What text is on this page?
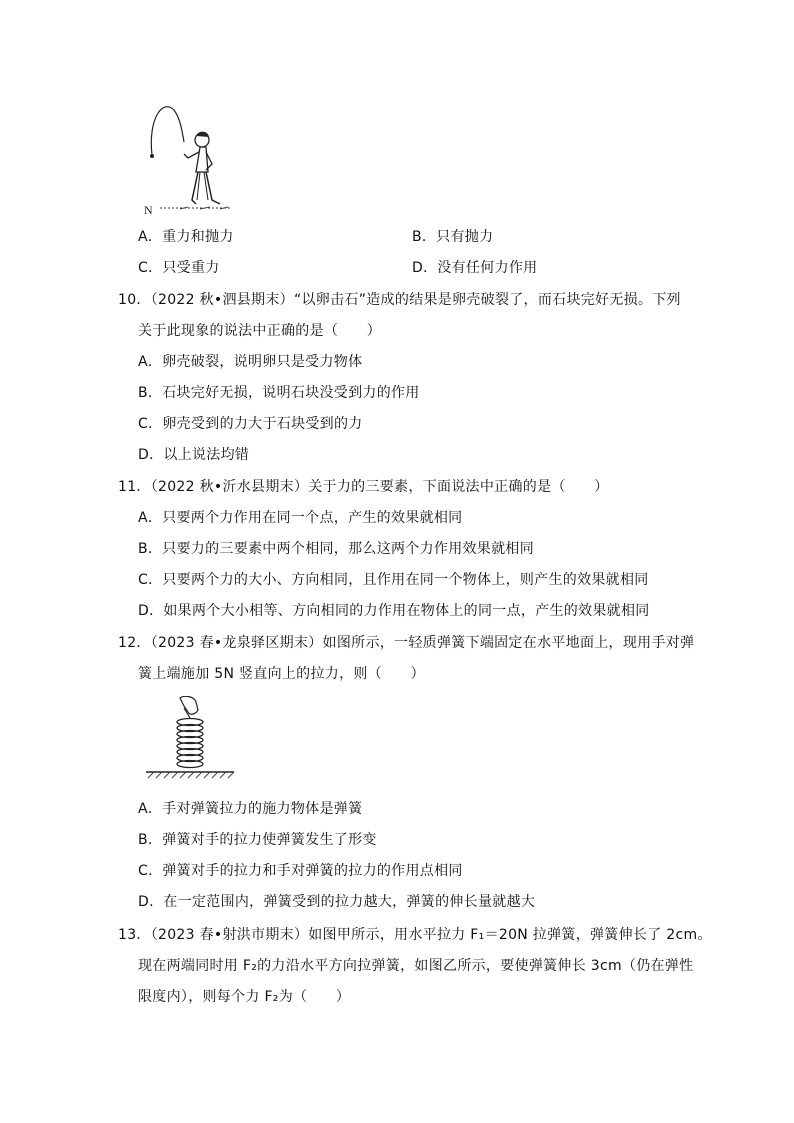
N
A．重力和抛力	B．只有抛力
C．只受重力	D．没有任何力作用
10．（2022 秋•泗县期末）“以卵击石”造成的结果是卵壳破裂了，而石块完好无损。下列
关于此现象的说法中正确的是（　　）
A．卵壳破裂，说明卵只是受力物体
B．石块完好无损，说明石块没受到力的作用
C．卵壳受到的力大于石块受到的力
D．以上说法均错
11．（2022 秋•沂水县期末）关于力的三要素，下面说法中正确的是（　　）
A．只要两个力作用在同一个点，产生的效果就相同
B．只要力的三要素中两个相同，那么这两个力作用效果就相同
C．只要两个力的大小、方向相同，且作用在同一个物体上，则产生的效果就相同
D．如果两个大小相等、方向相同的力作用在物体上的同一点，产生的效果就相同
12．（2023 春•龙泉驿区期末）如图所示，一轻质弹簧下端固定在水平地面上，现用手对弹
簧上端施加 5N 竖直向上的拉力，则（　　）
A．手对弹簧拉力的施力物体是弹簧
B．弹簧对手的拉力使弹簧发生了形变
C．弹簧对手的拉力和手对弹簧的拉力的作用点相同
D．在一定范围内，弹簧受到的拉力越大，弹簧的伸长量就越大
13．（2023 春•射洪市期末）如图甲所示，用水平拉力 F₁＝20N 拉弹簧，弹簧伸长了 2cm。
现在两端同时用 F₂的力沿水平方向拉弹簧，如图乙所示，要使弹簧伸长 3cm（仍在弹性
限度内），则每个力 F₂为（　　）
